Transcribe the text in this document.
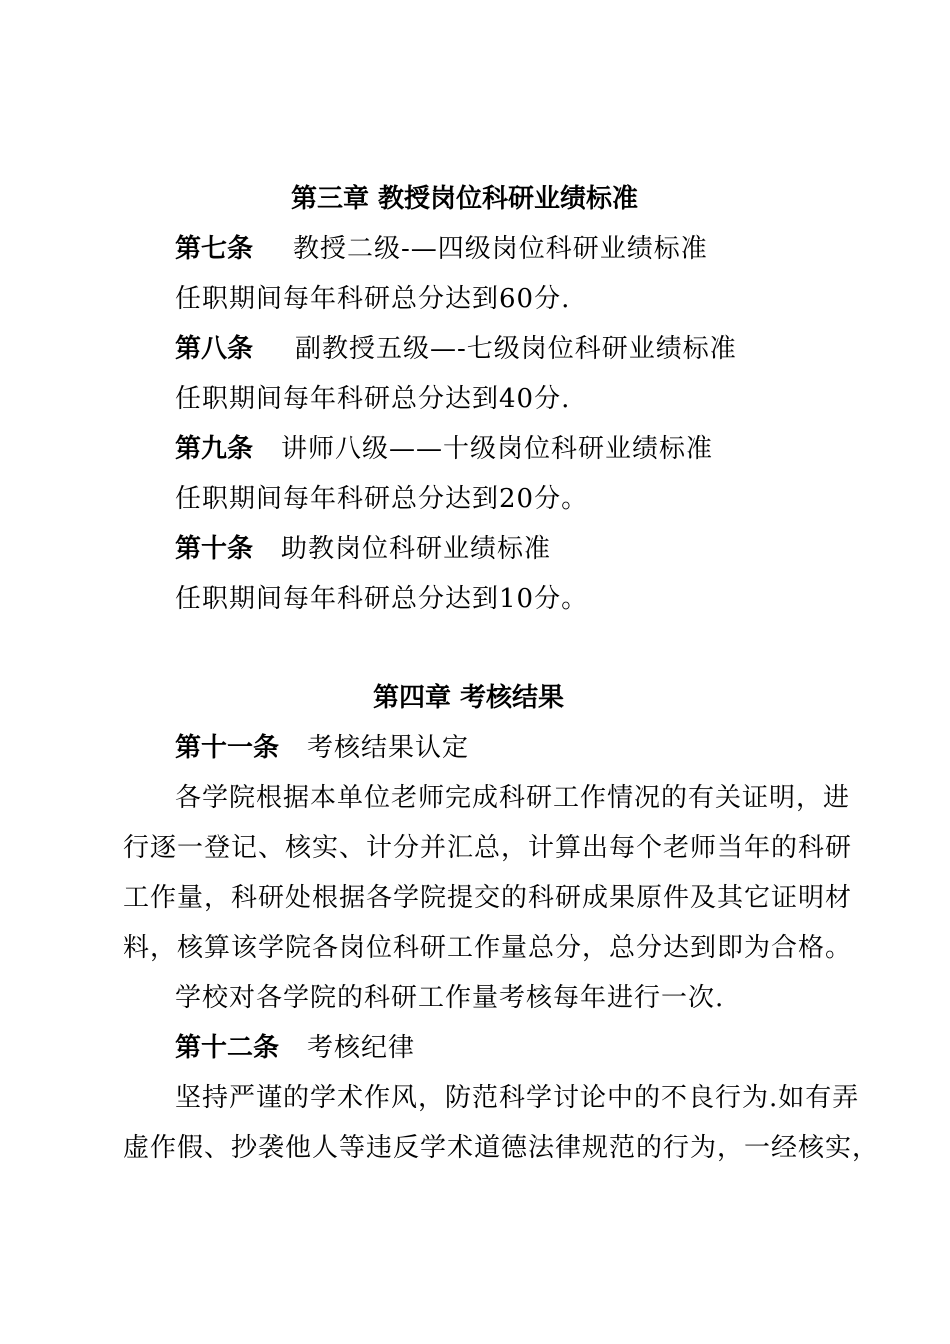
第三章 教授岗位科研业绩标准
第七条 教授二级-—四级岗位科研业绩标准
任职期间每年科研总分达到60分.
第八条 副教授五级—-七级岗位科研业绩标准
任职期间每年科研总分达到40分.
第九条 讲师八级——十级岗位科研业绩标准
任职期间每年科研总分达到20分。
第十条 助教岗位科研业绩标准
任职期间每年科研总分达到10分。
第四章 考核结果
第十一条 考核结果认定
各学院根据本单位老师完成科研工作情况的有关证明，进
行逐一登记、核实、计分并汇总，计算出每个老师当年的科研
工作量，科研处根据各学院提交的科研成果原件及其它证明材
料，核算该学院各岗位科研工作量总分，总分达到即为合格。
学校对各学院的科研工作量考核每年进行一次.
第十二条 考核纪律
坚持严谨的学术作风，防范科学讨论中的不良行为.如有弄
虚作假、抄袭他人等违反学术道德法律规范的行为，一经核实，
